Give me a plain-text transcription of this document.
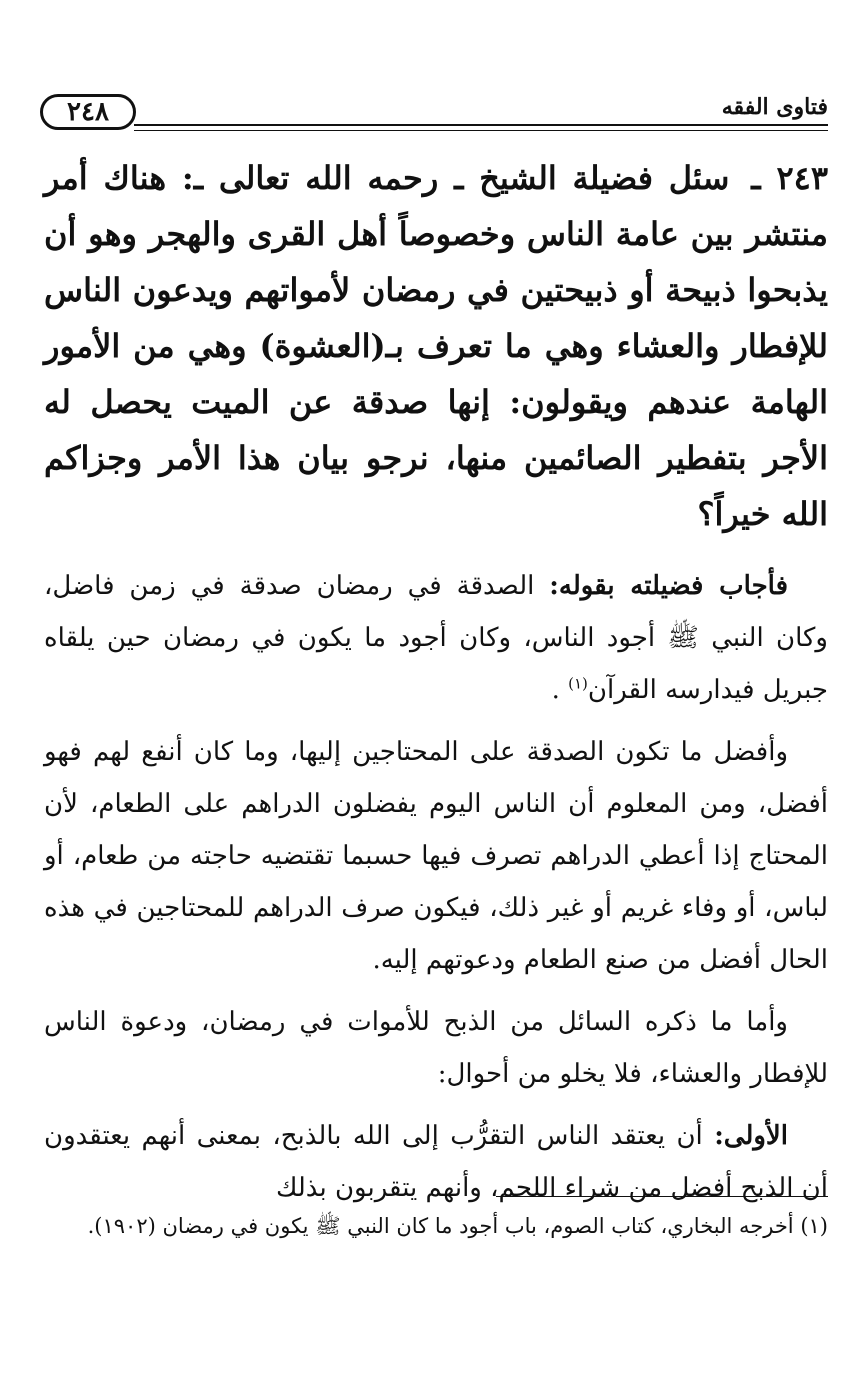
٢٤٨	فتاوى الفقه

٢٤٣ ـ سئل فضيلة الشيخ ـ رحمه الله تعالى ـ: هناك أمر منتشر بين عامة الناس وخصوصاً أهل القرى والهجر وهو أن يذبحوا ذبيحة أو ذبيحتين في رمضان لأمواتهم ويدعون الناس للإفطار والعشاء وهي ما تعرف بـ(العشوة) وهي من الأمور الهامة عندهم ويقولون: إنها صدقة عن الميت يحصل له الأجر بتفطير الصائمين منها، نرجو بيان هذا الأمر وجزاكم الله خيراً؟

فأجاب فضيلته بقوله: الصدقة في رمضان صدقة في زمن فاضل، وكان النبي ﷺ أجود الناس، وكان أجود ما يكون في رمضان حين يلقاه جبريل فيدارسه القرآن$^{(١)}$ .

وأفضل ما تكون الصدقة على المحتاجين إليها، وما كان أنفع لهم فهو أفضل، ومن المعلوم أن الناس اليوم يفضلون الدراهم على الطعام، لأن المحتاج إذا أعطي الدراهم تصرف فيها حسبما تقتضيه حاجته من طعام، أو لباس، أو وفاء غريم أو غير ذلك، فيكون صرف الدراهم للمحتاجين في هذه الحال أفضل من صنع الطعام ودعوتهم إليه.

وأما ما ذكره السائل من الذبح للأموات في رمضان، ودعوة الناس للإفطار والعشاء، فلا يخلو من أحوال:

الأولى: أن يعتقد الناس التقرُّب إلى الله بالذبح، بمعنى أنهم يعتقدون أن الذبح أفضل من شراء اللحم، وأنهم يتقربون بذلك

(١) أخرجه البخاري، كتاب الصوم، باب أجود ما كان النبي ﷺ يكون في رمضان (١٩٠٢).
